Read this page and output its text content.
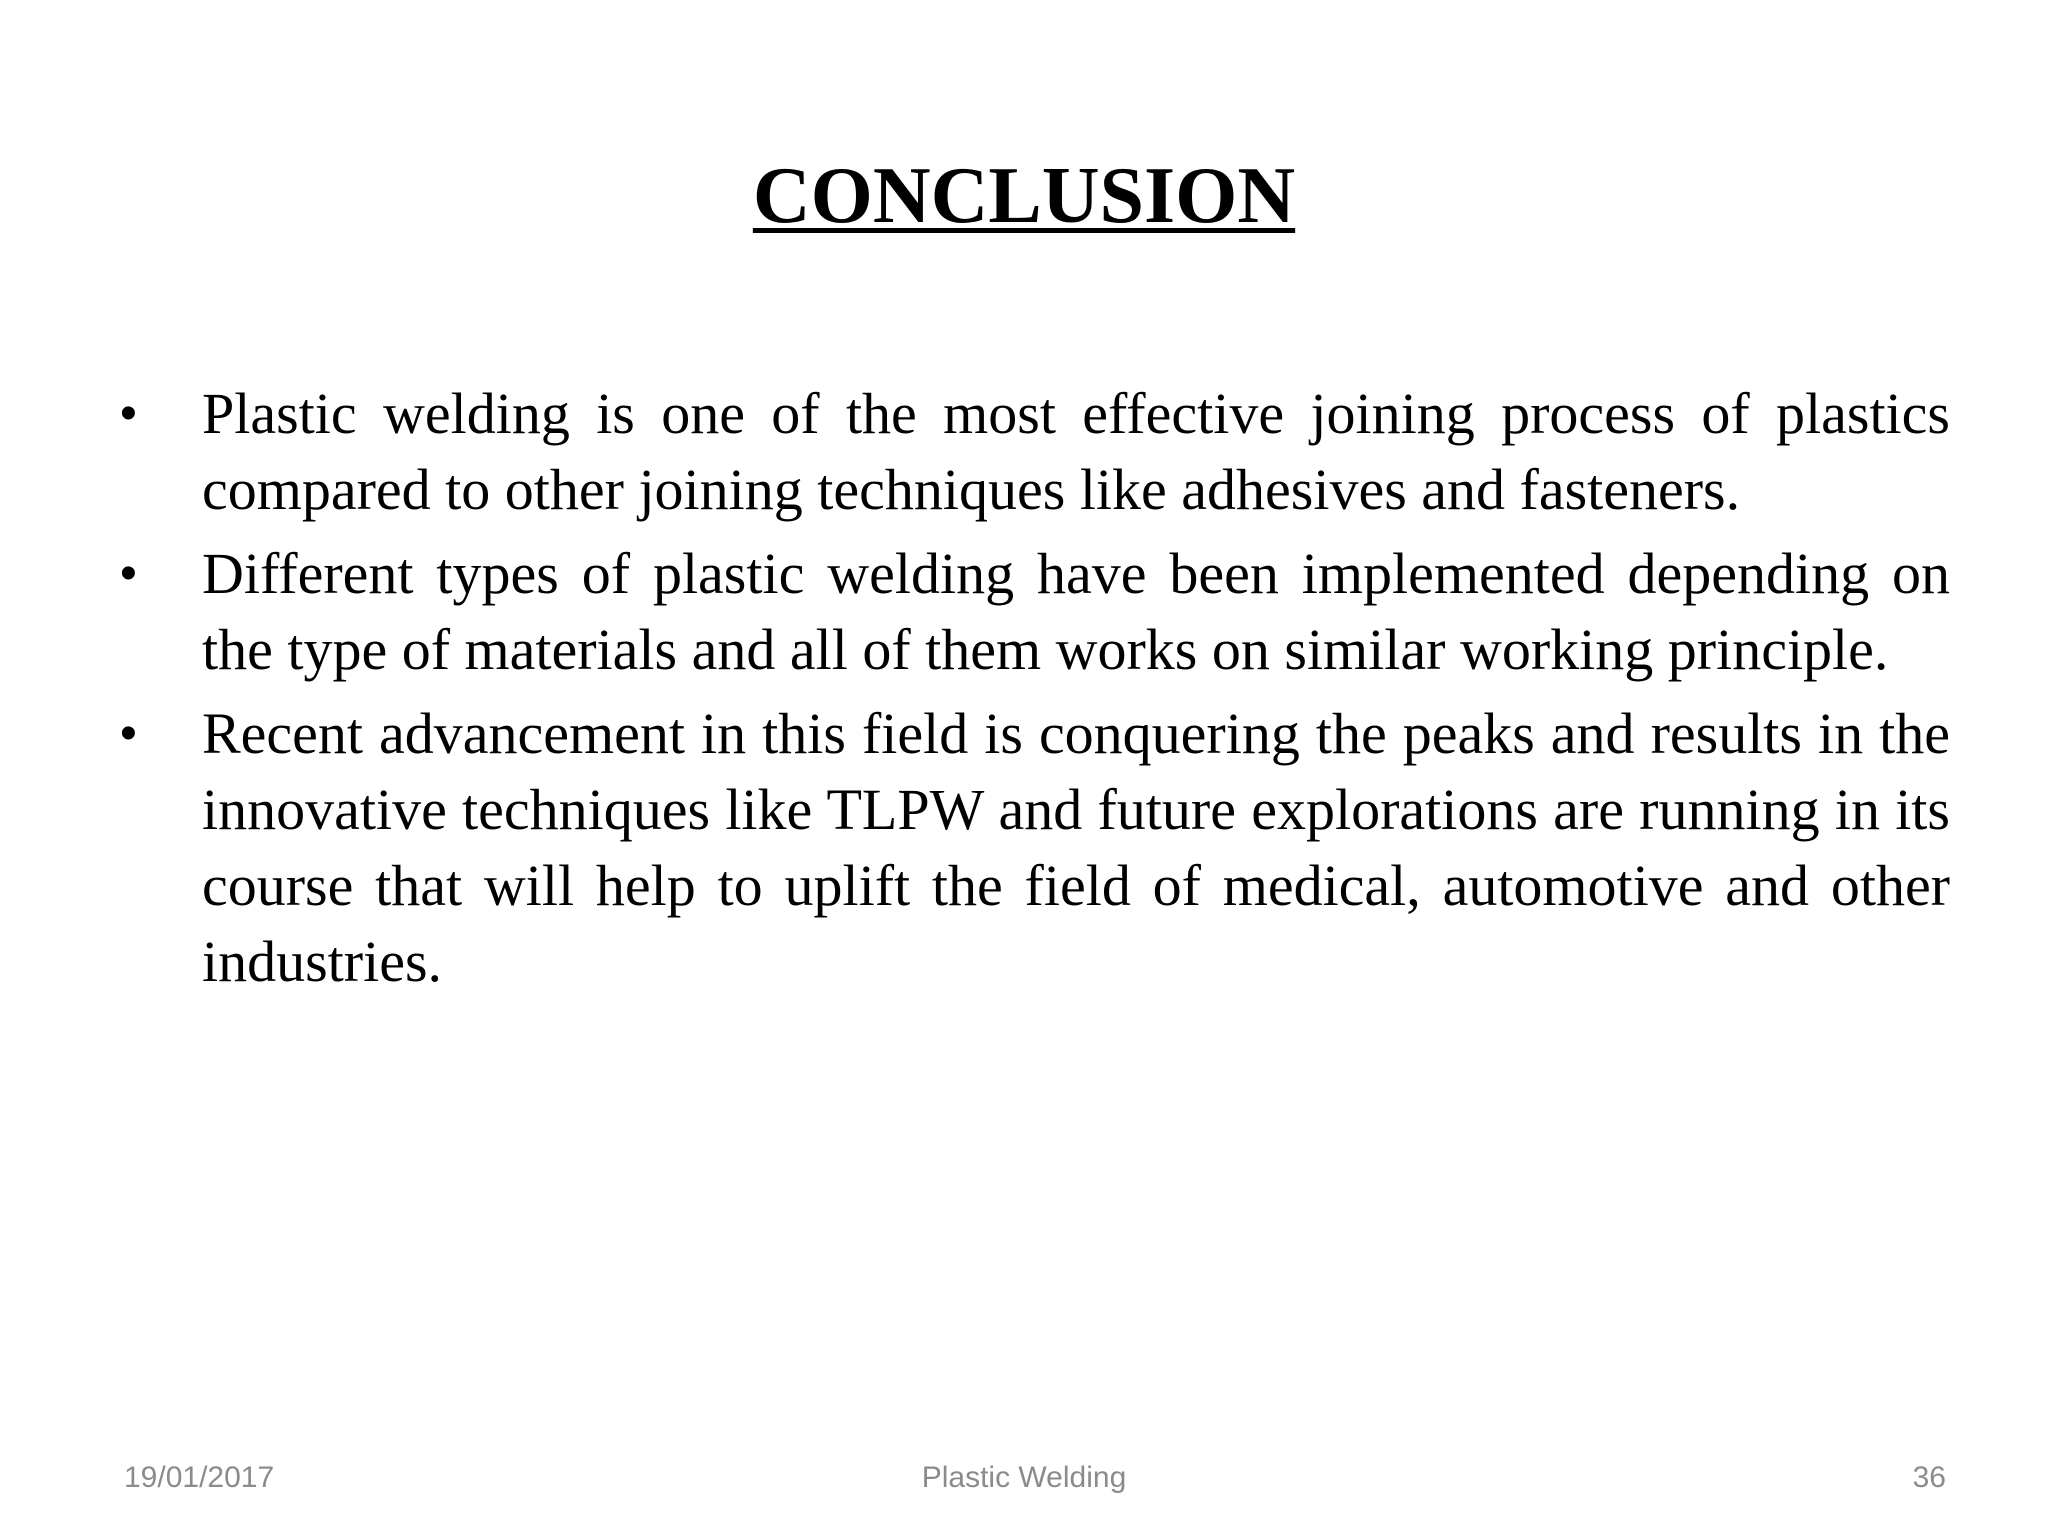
CONCLUSION
•	Plastic welding is one of the most effective joining process of plastics compared to other joining techniques like adhesives and fasteners.
•	Different types of plastic welding have been implemented depending on the type of materials and all of them works on similar working principle.
•	Recent advancement in this field is conquering the peaks and results in the innovative techniques like TLPW and future explorations are running in its course that will help to uplift the field of medical, automotive and other industries.
19/01/2017	Plastic Welding	36
